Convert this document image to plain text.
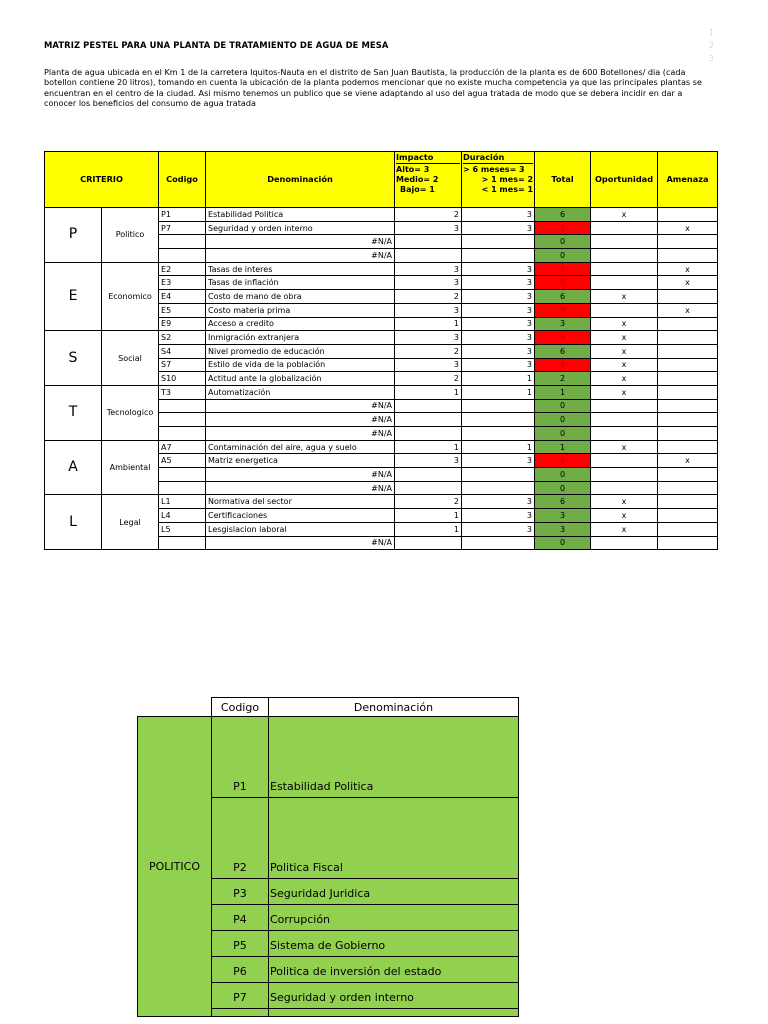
1
2
3
MATRIZ PESTEL PARA UNA PLANTA DE TRATAMIENTO DE AGUA DE MESA
Planta de agua ubicada en el Km 1 de la carretera Iquitos-Nauta en el distrito de San Juan Bautista, la producción de la planta es de 600 Botellones/ dia (cada botellon contiene 20 litros), tomando en cuenta la ubicación de la planta podemos mencionar que no existe mucha competencia ya que las principales plantas se encuentran en el centro de la ciudad. Asi mismo tenemos un publico que se viene adaptando al uso del agua tratada de modo que se debera incidir en dar a conocer los beneficios del consumo de agua tratada
CRITERIO		Codigo	Denominación	Impacto
Alto= 3
Medio= 2
Bajo= 1	Duración
> 6 meses= 3
> 1 mes= 2
< 1 mes= 1	Total	Oportunidad	Amenaza
P	Politico	P1	Estabilidad Politica	2	3	6	x	
		P7	Seguridad y orden interno	3	3	9		x
			#N/A			0		
			#N/A			0		
E	Economico	E2	Tasas de interes	3	3	9		x
		E3	Tasas de inflación	3	3	9		x
		E4	Costo de mano de obra	2	3	6	x	
		E5	Costo materia prima	3	3	9		x
		E9	Acceso a credito	1	3	3	x	
S	Social	S2	Inmigración extranjera	3	3	9	x	
		S4	Nivel promedio de educación	2	3	6	x	
		S7	Estilo de vida de la población	3	3	9	x	
		S10	Actitud ante la globalización	2	1	2	x	
T	Tecnologico	T3	Automatización	1	1	1	x	
			#N/A			0		
			#N/A			0		
			#N/A			0		
A	Ambiental	A7	Contaminación del aire, agua y suelo	1	1	1	x	
		A5	Matriz energetica	3	3	9		x
			#N/A			0		
			#N/A			0		
L	Legal	L1	Normativa del sector	2	3	6	x	
		L4	Certificaciones	1	3	3	x	
		L5	Lesgislacion laboral	1	3	3	x	
			#N/A			0		
	Codigo	Denominación
POLITICO	P1	Estabilidad Politica
	P2	Politica Fiscal
	P3	Seguridad Juridica
	P4	Corrupción
	P5	Sistema de Gobierno
	P6	Politica de inversión del estado
	P7	Seguridad y orden interno
